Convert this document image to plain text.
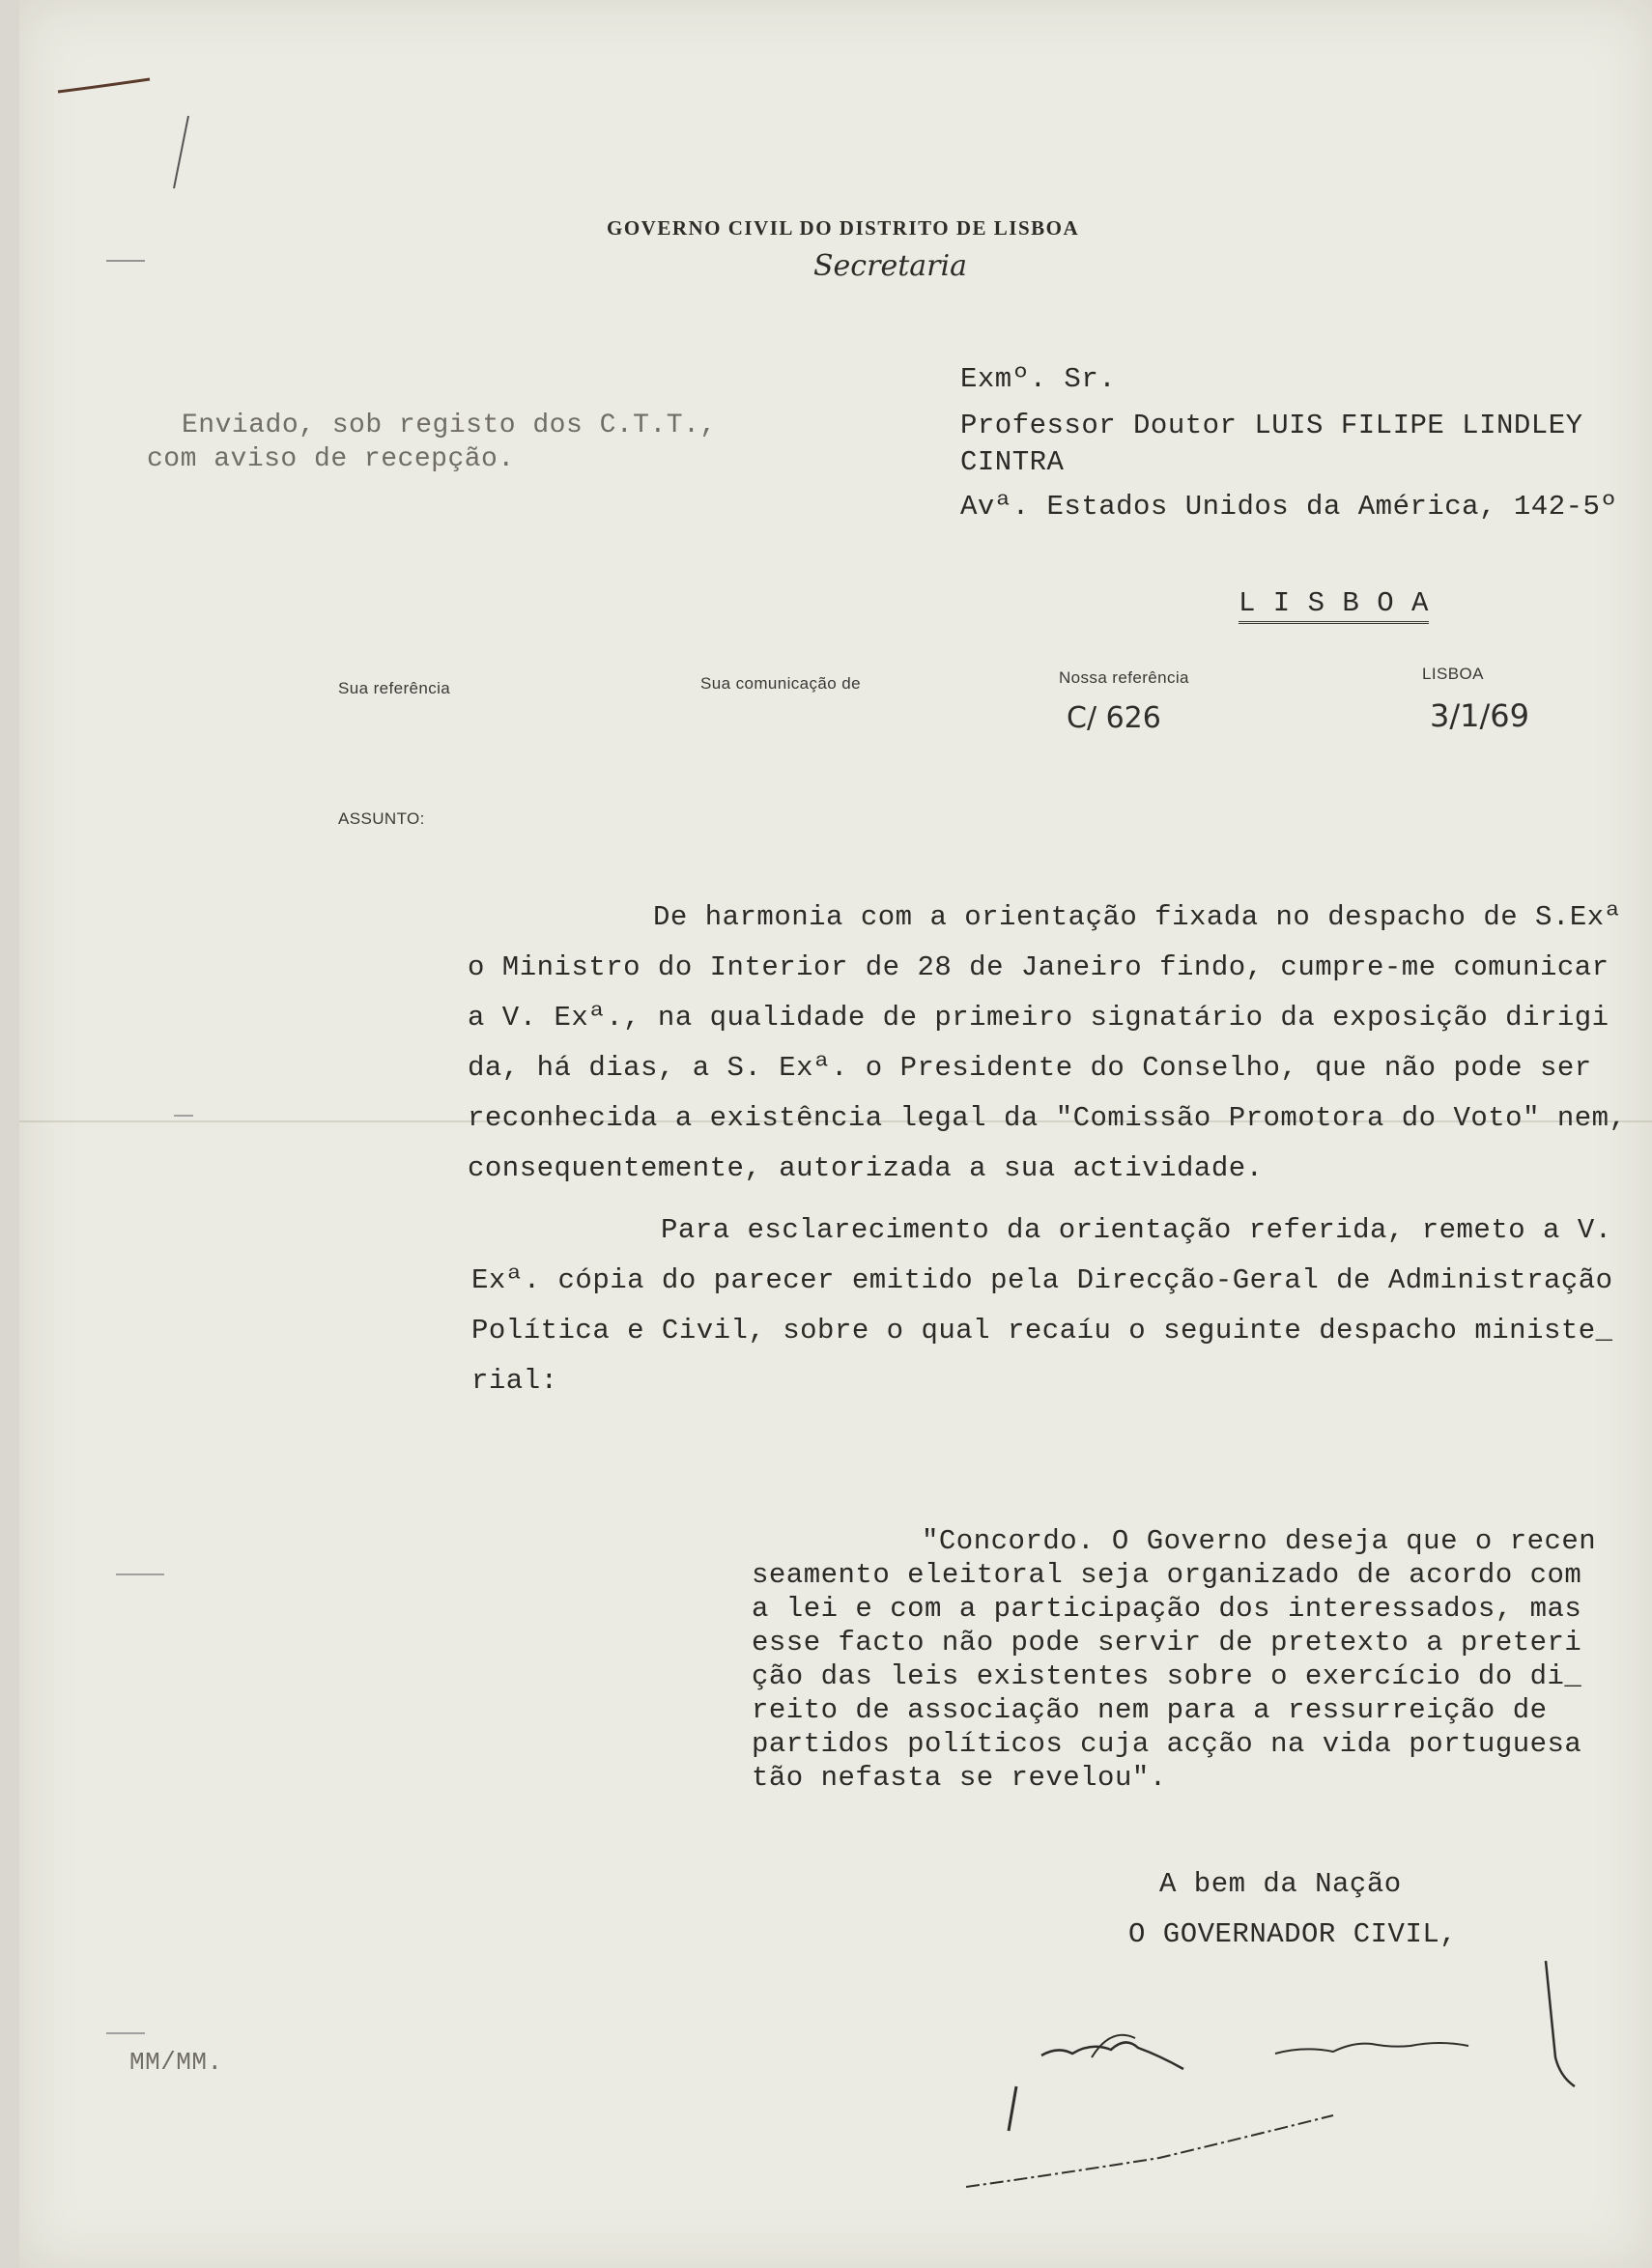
GOVERNO CIVIL DO DISTRITO DE LISBOA
Secretaria
Enviado, sob registo dos C.T.T.,
com aviso de recepção.
Exmº. Sr.
Professor Doutor LUIS FILIPE LINDLEY
CINTRA
Avª. Estados Unidos da América, 142-5º
L I S B O A
Sua referência	Sua comunicação de	Nossa referência
C/ 626
LISBOA
3/1/69
ASSUNTO:
De harmonia com a orientação fixada no despacho de S.Exª
o Ministro do Interior de 28 de Janeiro findo, cumpre-me comunicar
a V. Exª., na qualidade de primeiro signatário da exposição dirigi
da, há dias, a S. Exª. o Presidente do Conselho, que não pode ser
reconhecida a existência legal da "Comissão Promotora do Voto" nem,
consequentemente, autorizada a sua actividade.
Para esclarecimento da orientação referida, remeto a V.
Exª. cópia do parecer emitido pela Direcção-Geral de Administração
Política e Civil, sobre o qual recaíu o seguinte despacho ministe_
rial:
"Concordo. O Governo deseja que o recen
seamento eleitoral seja organizado de acordo com
a lei e com a participação dos interessados, mas
esse facto não pode servir de pretexto a preteri
ção das leis existentes sobre o exercício do di_
reito de associação nem para a ressurreição de
partidos políticos cuja acção na vida portuguesa
tão nefasta se revelou".
A bem da Nação
O GOVERNADOR CIVIL,
MM/MM.
